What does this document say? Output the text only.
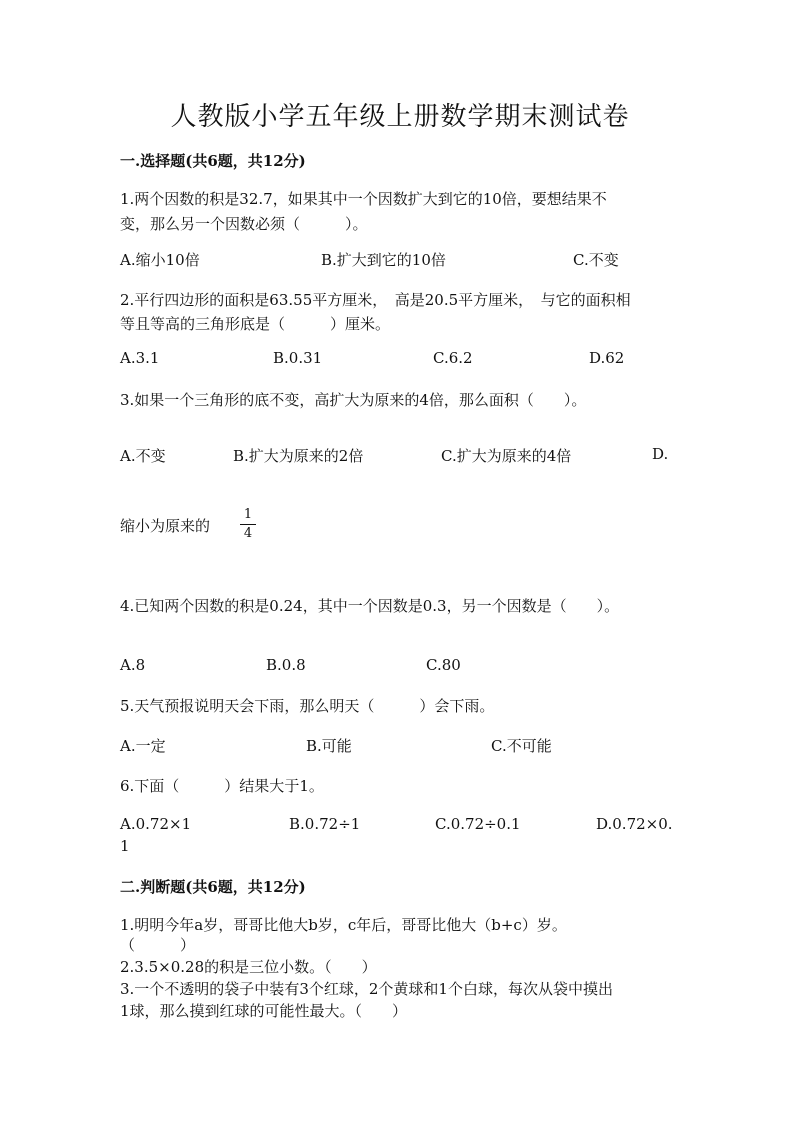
人教版小学五年级上册数学期末测试卷
一.选择题(共6题，共12分)
1.两个因数的积是32.7，如果其中一个因数扩大到它的10倍，要想结果不
变，那么另一个因数必须（　　　）。
A.缩小10倍	B.扩大到它的10倍	C.不变
2.平行四边形的面积是63.55平方厘米，　高是20.5平方厘米，　与它的面积相
等且等高的三角形底是（　　　）厘米。
A.3.1	B.0.31	C.6.2	D.62
3.如果一个三角形的底不变，高扩大为原来的4倍，那么面积（　　）。
A.不变	B.扩大为原来的2倍	C.扩大为原来的4倍	D.
缩小为原来的
1
4
4.已知两个因数的积是0.24，其中一个因数是0.3，另一个因数是（　　）。
A.8	B.0.8	C.80
5.天气预报说明天会下雨，那么明天（　　　）会下雨。
A.一定	B.可能	C.不可能
6.下面（　　　）结果大于1。
A.0.72×1	B.0.72÷1	C.0.72÷0.1	D.0.72×0.
1
二.判断题(共6题，共12分)
1.明明今年a岁，哥哥比他大b岁，c年后，哥哥比他大（b+c）岁。
（　　　）
2.3.5×0.28的积是三位小数。（　　）
3.一个不透明的袋子中装有3个红球，2个黄球和1个白球，每次从袋中摸出
1球，那么摸到红球的可能性最大。（　　）
